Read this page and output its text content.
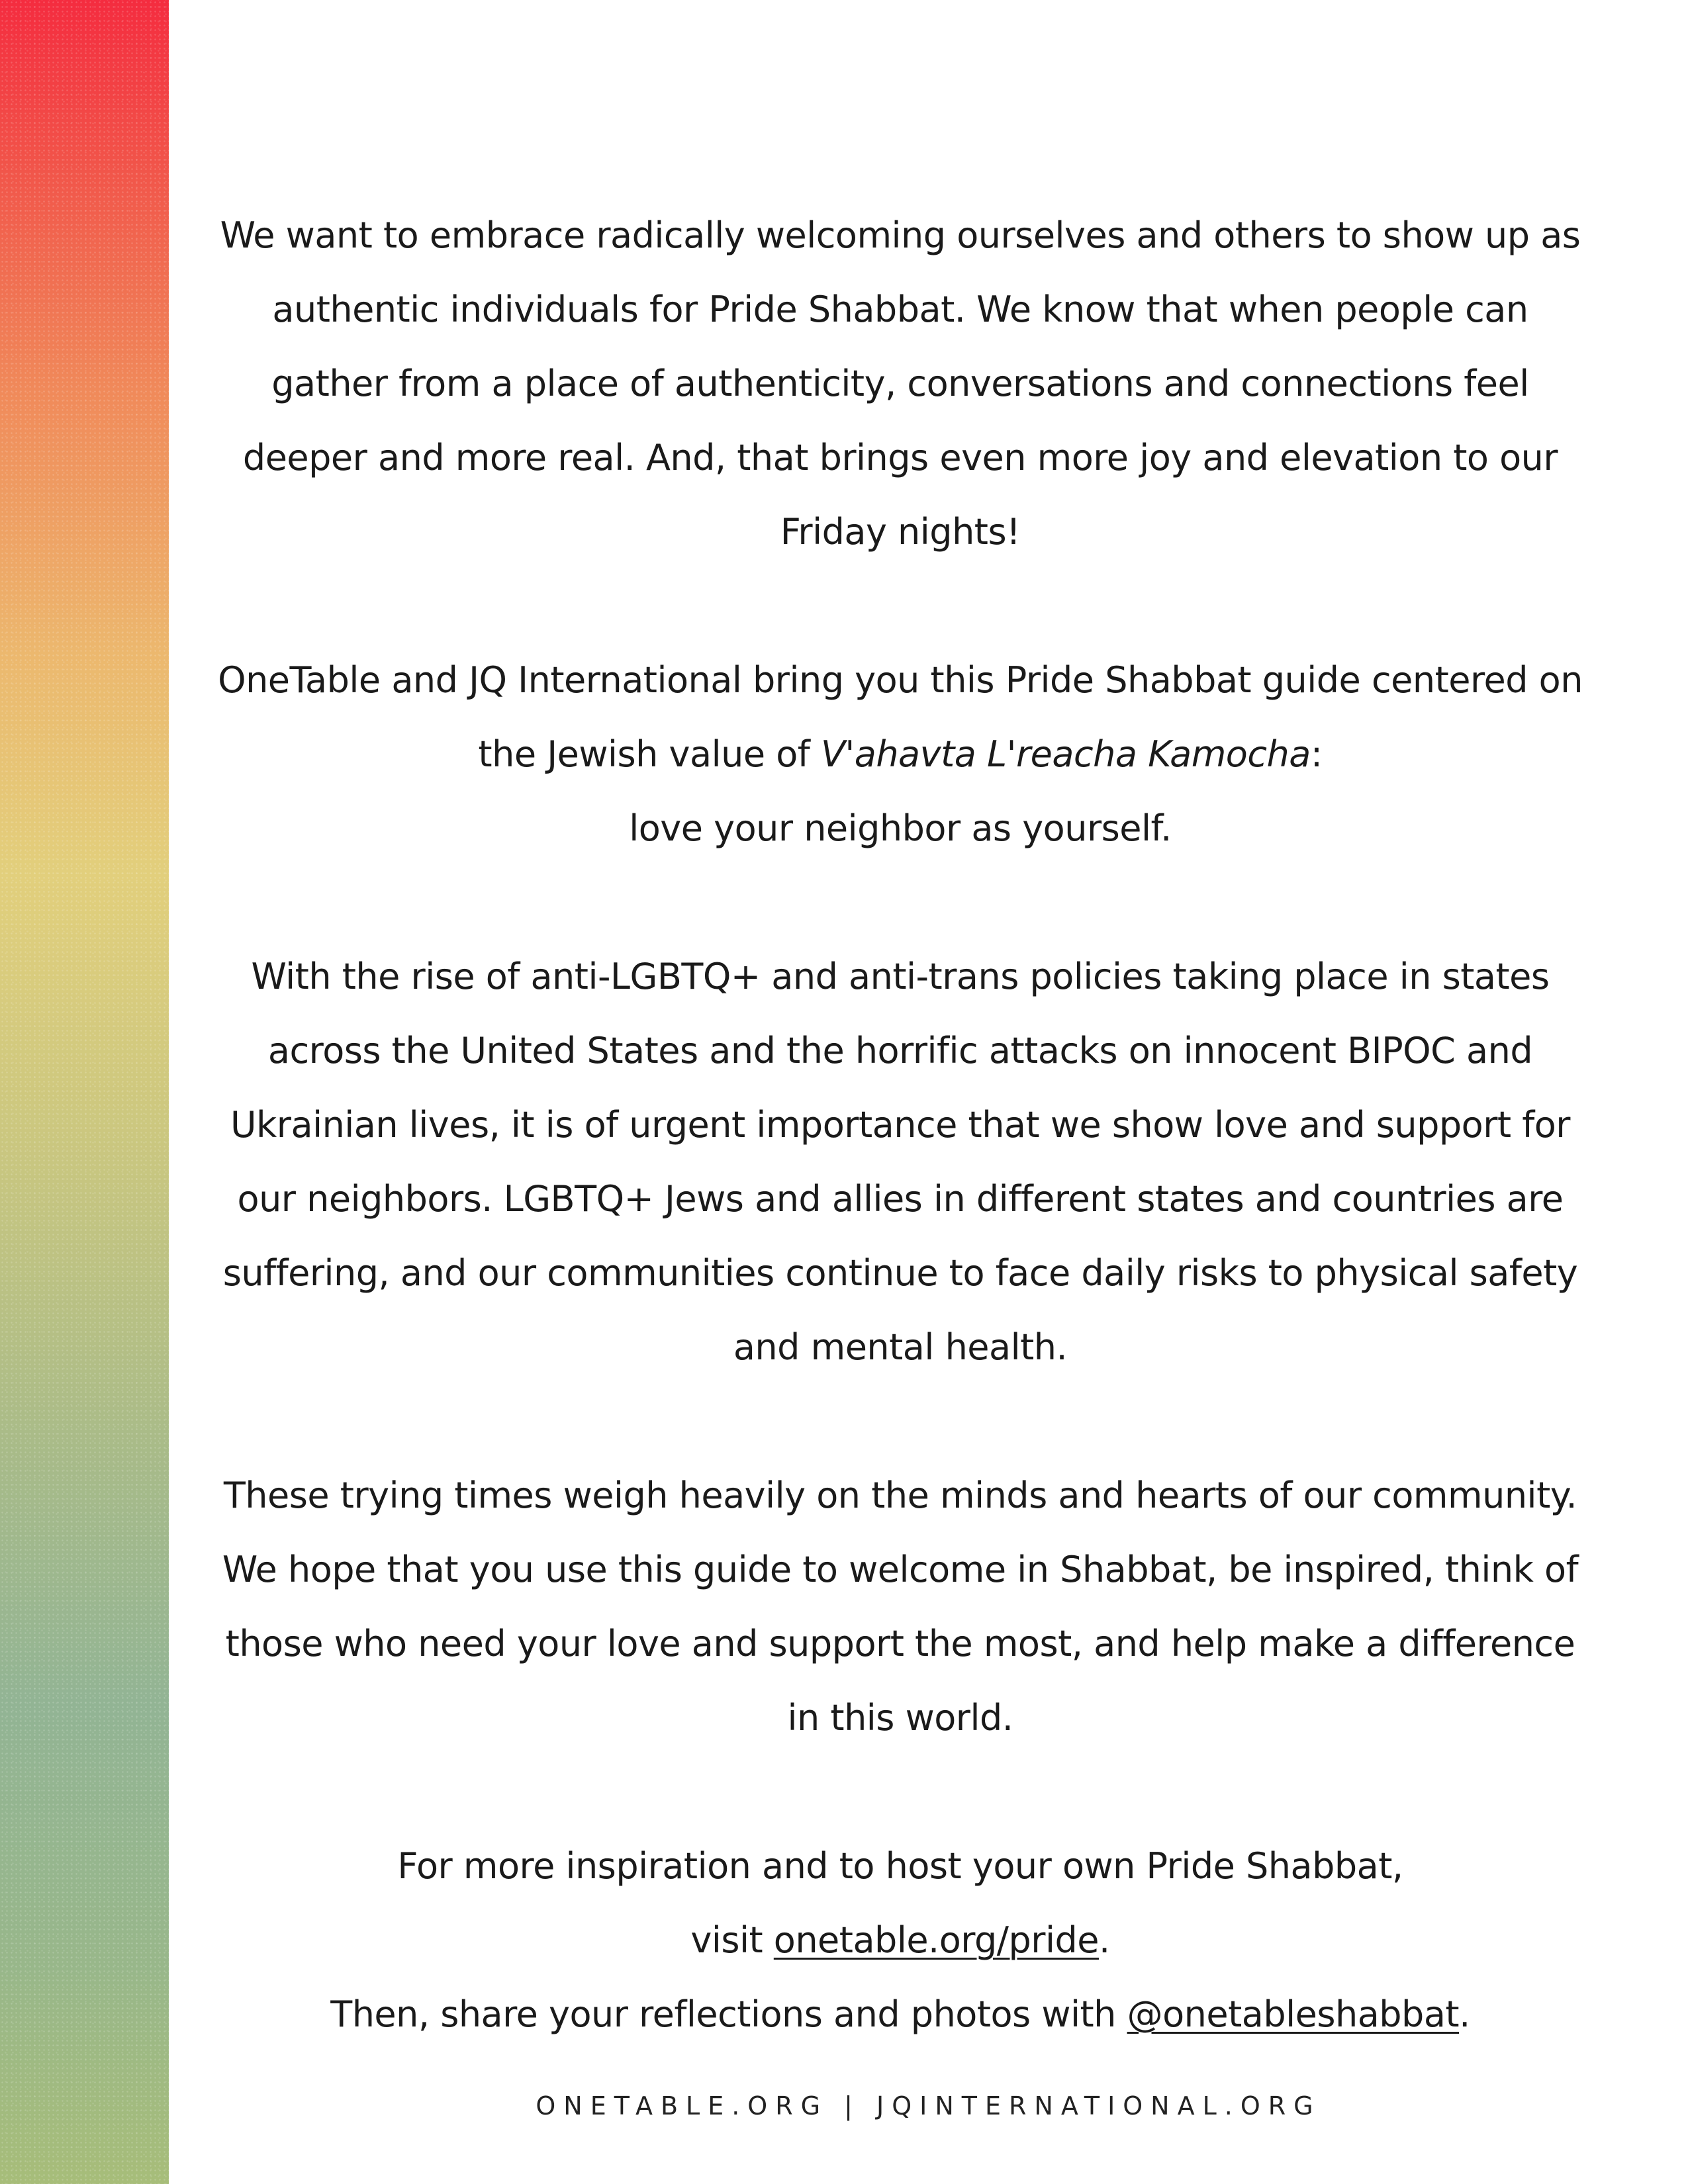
We want to embrace radically welcoming ourselves and others to show up as authentic individuals for Pride Shabbat. We know that when people can gather from a place of authenticity, conversations and connections feel deeper and more real. And, that brings even more joy and elevation to our Friday nights!

OneTable and JQ International bring you this Pride Shabbat guide centered on the Jewish value of V'ahavta L'reacha Kamocha:
love your neighbor as yourself.

With the rise of anti-LGBTQ+ and anti-trans policies taking place in states across the United States and the horrific attacks on innocent BIPOC and Ukrainian lives, it is of urgent importance that we show love and support for our neighbors. LGBTQ+ Jews and allies in different states and countries are suffering, and our communities continue to face daily risks to physical safety and mental health.

These trying times weigh heavily on the minds and hearts of our community. We hope that you use this guide to welcome in Shabbat, be inspired, think of those who need your love and support the most, and help make a difference in this world.

For more inspiration and to host your own Pride Shabbat,
visit onetable.org/pride.
Then, share your reflections and photos with @onetableshabbat.

ONETABLE.ORG | JQINTERNATIONAL.ORG
